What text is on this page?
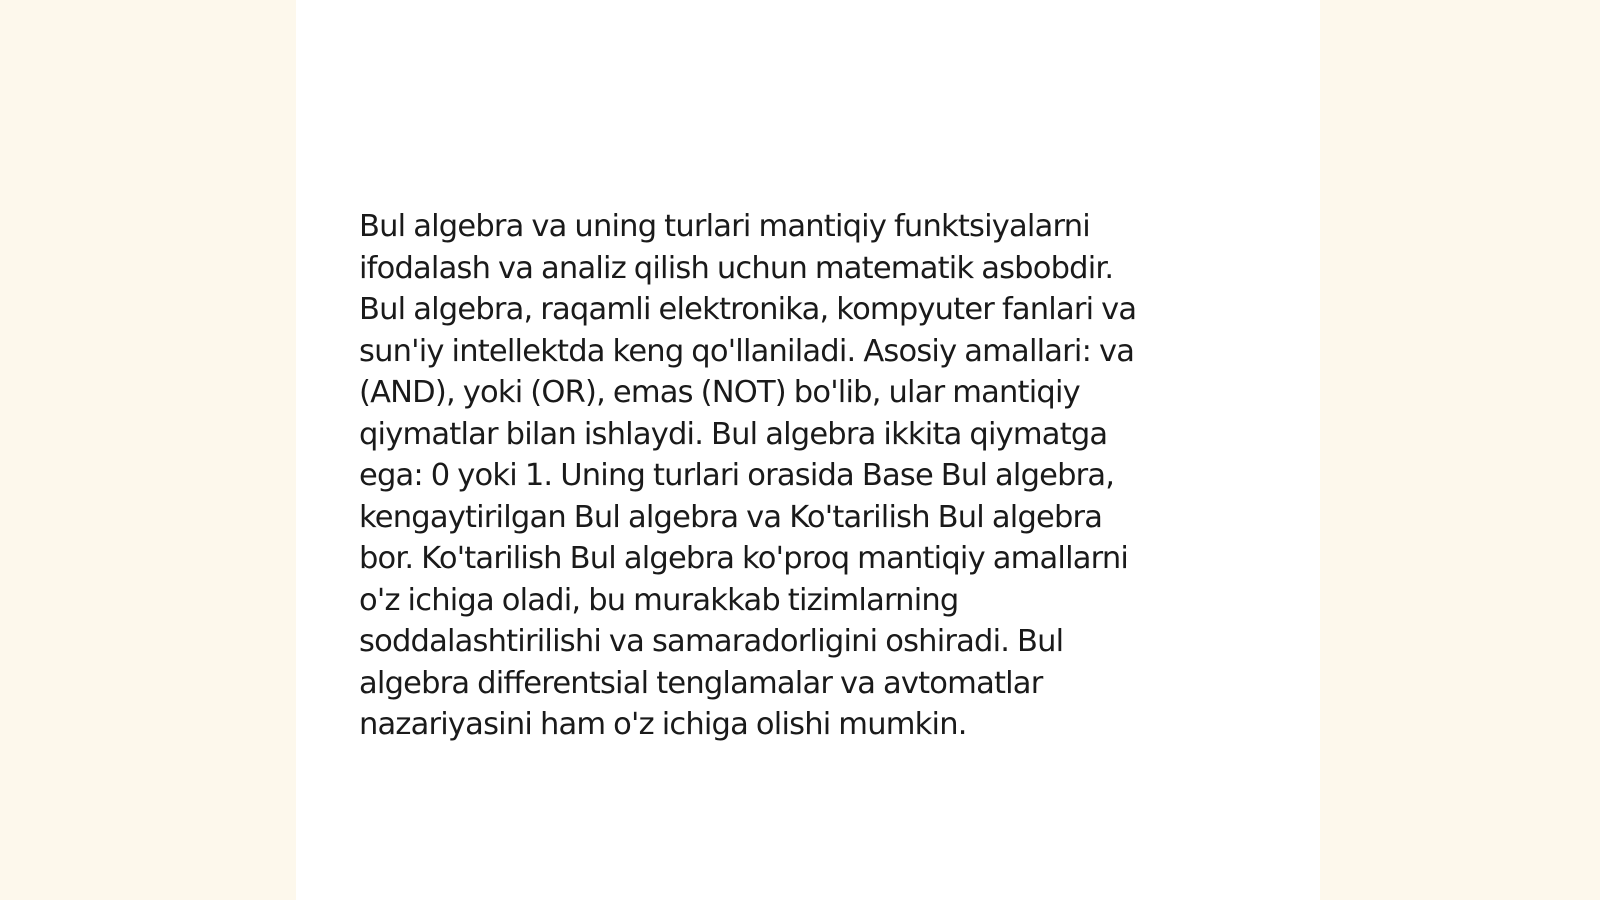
Bul algebra va uning turlari mantiqiy funktsiyalarni
ifodalash va analiz qilish uchun matematik asbobdir.
Bul algebra, raqamli elektronika, kompyuter fanlari va
sun'iy intellektda keng qo'llaniladi. Asosiy amallari: va
(AND), yoki (OR), emas (NOT) bo'lib, ular mantiqiy
qiymatlar bilan ishlaydi. Bul algebra ikkita qiymatga
ega: 0 yoki 1. Uning turlari orasida Base Bul algebra,
kengaytirilgan Bul algebra va Ko'tarilish Bul algebra
bor. Ko'tarilish Bul algebra ko'proq mantiqiy amallarni
o'z ichiga oladi, bu murakkab tizimlarning
soddalashtirilishi va samaradorligini oshiradi. Bul
algebra differentsial tenglamalar va avtomatlar
nazariyasini ham o'z ichiga olishi mumkin.
